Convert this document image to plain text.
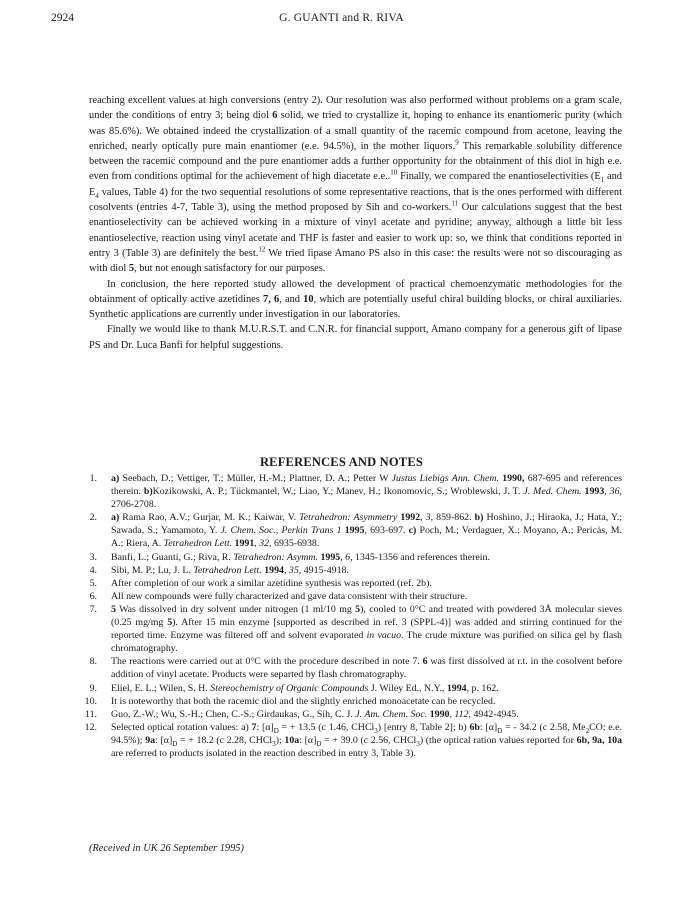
2924	G. GUANTI and R. RIVA

reaching excellent values at high conversions (entry 2). Our resolution was also performed without problems on a gram scale, under the conditions of entry 3; being diol 6 solid, we tried to crystallize it, hoping to enhance its enantiomeric purity (which was 85.6%). We obtained indeed the crystallization of a small quantity of the racemic compound from acetone, leaving the enriched, nearly optically pure main enantiomer (e.e. 94.5%), in the mother liquors.$^9$ This remarkable solubility difference between the racemic compound and the pure enantiomer adds a further opportunity for the obtainment of this diol in high e.e. even from conditions optimal for the achievement of high diacetate e.e..$^{10}$ Finally, we compared the enantioselectivities ($E_1$ and $E_4$ values, Table 4) for the two sequential resolutions of some representative reactions, that is the ones performed with different cosolvents (entries 4-7, Table 3), using the method proposed by Sih and co-workers.$^{11}$ Our calculations suggest that the best enantioselectivity can be achieved working in a mixture of vinyl acetate and pyridine; anyway, although a little bit less enantioselective, reaction using vinyl acetate and THF is faster and easier to work up: so, we think that conditions reported in entry 3 (Table 3) are definitely the best.$^{12}$ We tried lipase Amano PS also in this case: the results were not so discouraging as with diol 5, but not enough satisfactory for our purposes.

In conclusion, the here reported study allowed the development of practical chemoenzymatic methodologies for the obtainment of optically active azetidines 7, 6, and 10, which are potentially useful chiral building blocks, or chiral auxiliaries. Synthetic applications are currently under investigation in our laboratories.

Finally we would like to thank M.U.R.S.T. and C.N.R. for financial support, Amano company for a generous gift of lipase PS and Dr. Luca Banfi for helpful suggestions.

REFERENCES AND NOTES
1. a) Seebach, D.; Vettiger, T.; Müller, H.-M.; Plattner, D. A.; Petter W Justus Liebigs Ann. Chem. 1990, 687-695 and references therein. b)Kozikowski, A. P.; Tückmantel, W.; Liao, Y.; Manev, H.; Ikonomovic, S.; Wroblewski, J. T. J. Med. Chem. 1993, 36, 2706-2708.
2. a) Rama Rao, A.V.; Gurjar, M. K.; Kaiwar, V. Tetrahedron: Asymmetry 1992, 3, 859-862. b) Hoshino, J.; Hiraoka, J.; Hata, Y.; Sawada, S.; Yamamoto, Y. J. Chem. Soc., Perkin Trans 1 1995, 693-697. c) Poch, M.; Verdaguer, X.; Moyano, A.; Pericàs, M. A.; Riera, A. Tetrahedron Lett. 1991, 32, 6935-6938.
3. Banfi, L.; Guanti, G.; Riva, R. Tetrahedron: Asymm. 1995, 6, 1345-1356 and references therein.
4. Sibi, M. P.; Lu, J. L. Tetrahedron Lett. 1994, 35, 4915-4918.
5. After completion of our work a similar azetidine synthesis was reported (ref. 2b).
6. All new compounds were fully characterized and gave data consistent with their structure.
7. 5 Was dissolved in dry solvent under nitrogen (1 ml/10 mg 5), cooled to 0°C and treated with powdered 3Å molecular sieves (0.25 mg/mg 5). After 15 min enzyme [supported as described in ref. 3 (SPPL-4)] was added and stirring continued for the reported time. Enzyme was filtered off and solvent evaporated in vacuo. The crude mixture was purified on silica gel by flash chromatography.
8. The reactions were carried out at 0°C with the procedure described in note 7. 6 was first dissolved at r.t. in the cosolvent before addition of vinyl acetate. Products were separted by flash chromatography.
9. Eliel, E. L.; Wilen, S. H. Stereochemistry of Organic Compounds J. Wiley Ed., N.Y., 1994, p. 162.
10. It is noteworthy that both the racemic diol and the slightly enriched monoacetate can be recycled.
11. Guo, Z.-W.; Wu, S.-H.; Chen, C.-S.; Girdaukas, G., Sih, C. J. J. Am. Chem. Soc. 1990, 112, 4942-4945.
12. Selected optical rotation values: a) 7: $[\alpha]_D$ = + 13.5 (c 1.46, CHCl$_3$) [entry 8, Table 2]; b) 6b: $[\alpha]_D$ = - 34.2 (c 2.58, $Me_2CO$; e.e. 94.5%); 9a: $[\alpha]_D$ = + 18.2 (c 2.28, CHCl$_3$); 10a: $[\alpha]_D$ = + 39.0 (c 2.56, CHCl$_3$) (the optical ration values reported for 6b, 9a, 10a are referred to products isolated in the reaction described in entry 3, Table 3).
(Received in UK 26 September 1995)
